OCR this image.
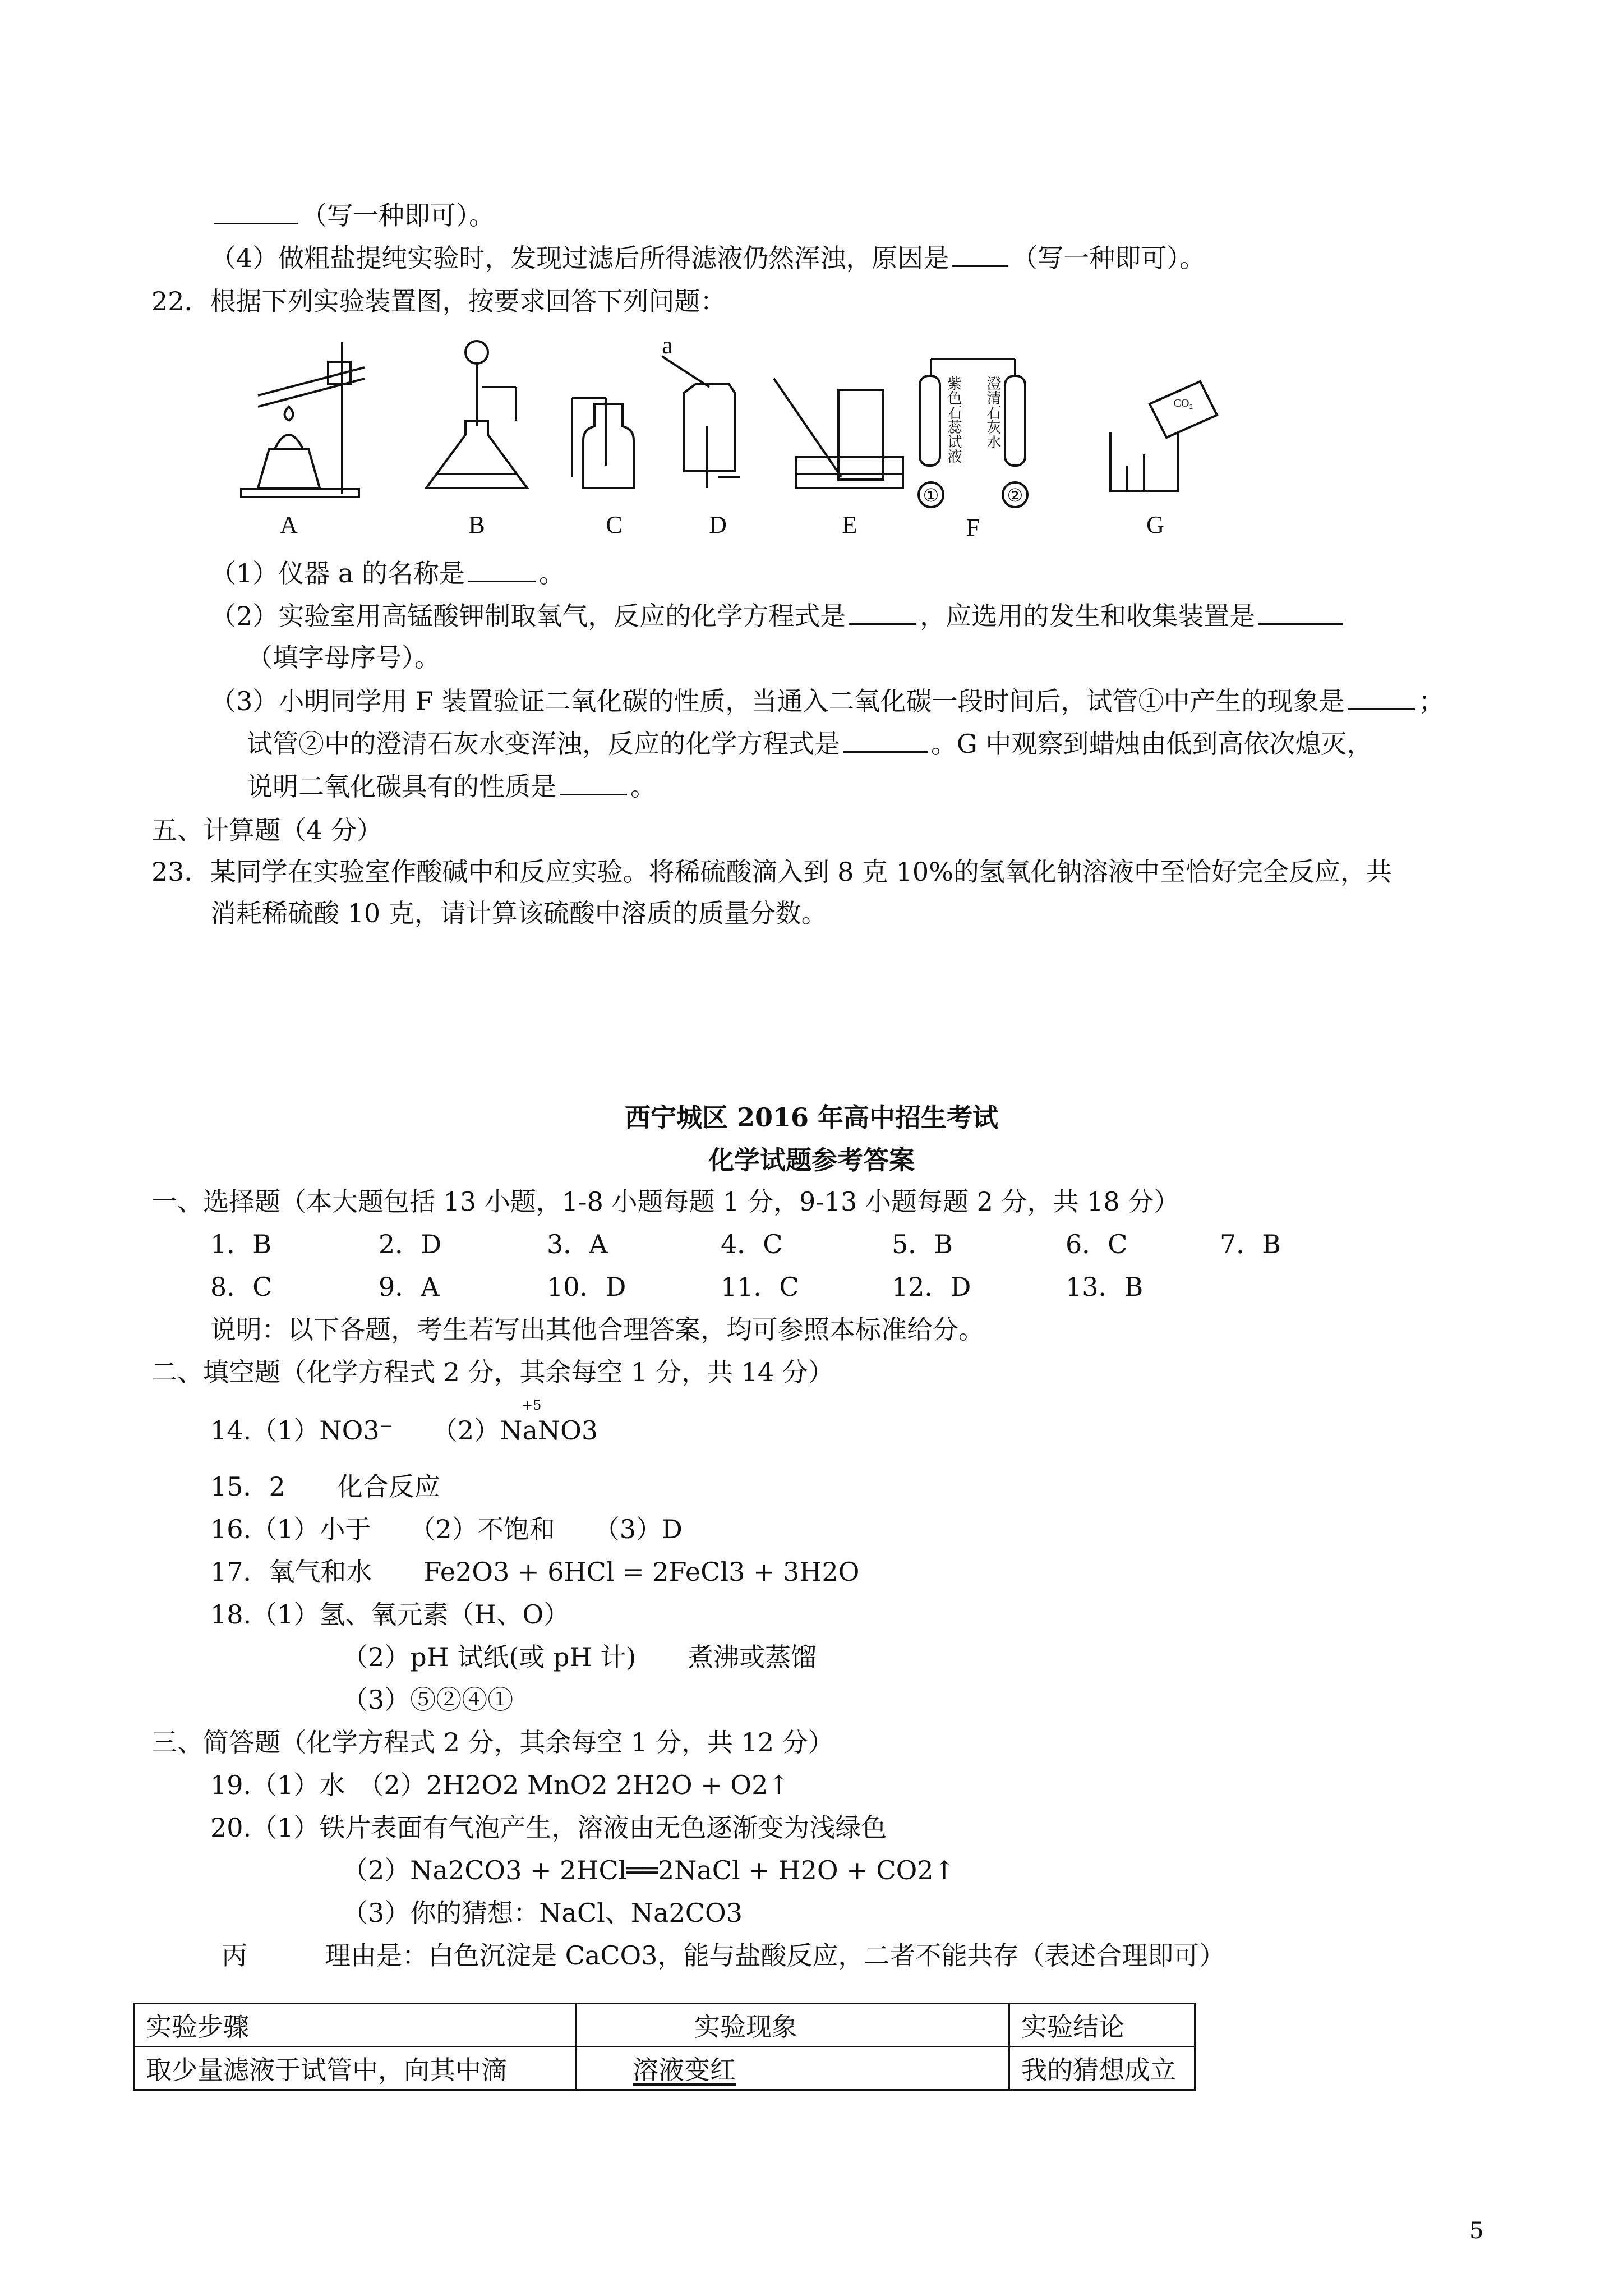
（写一种即可）。
（4）做粗盐提纯实验时，发现过滤后所得滤液仍然浑浊，原因是 （写一种即可）。
22．根据下列实验装置图，按要求回答下列问题：
A	B	C	D	E	F	G
a
①	②
CO₂
紫色石蕊试液 澄清石灰水
（1）仪器 a 的名称是	。
（2）实验室用高锰酸钾制取氧气，反应的化学方程式是	，应选用的发生和收集装置是
（填字母序号）。
（3）小明同学用 F 装置验证二氧化碳的性质，当通入二氧化碳一段时间后，试管①中产生的现象是	；
试管②中的澄清石灰水变浑浊，反应的化学方程式是	。G 中观察到蜡烛由低到高依次熄灭，
说明二氧化碳具有的性质是	。
五、计算题（4 分）
23．某同学在实验室作酸碱中和反应实验。将稀硫酸滴入到 8 克 10%的氢氧化钠溶液中至恰好完全反应，共
消耗稀硫酸 10 克，请计算该硫酸中溶质的质量分数。
西宁城区 2016 年高中招生考试
化学试题参考答案
一、选择题（本大题包括 13 小题，1-8 小题每题 1 分，9-13 小题每题 2 分，共 18 分）
1．B	2．D	3．A	4．C	5．B	6．C	7．B
8．C	9．A	10．D	11．C	12．D	13．B
说明：以下各题，考生若写出其他合理答案，均可参照本标准给分。
二、填空题（化学方程式 2 分，其余每空 1 分，共 14 分）
+5
14.（1）NO3⁻　　（2）NaNO3
15．2　　化合反应
16.（1）小于　　（2）不饱和　　（3）D
17．氧气和水　　Fe2O3 + 6HCl = 2FeCl3 + 3H2O
18.（1）氢、氧元素（H、O）
（2）pH 试纸(或 pH 计)　　煮沸或蒸馏
（3）⑤②④①
三、简答题（化学方程式 2 分，其余每空 1 分，共 12 分）
19.（1）水　（2）2H2O2 MnO2 2H2O + O2↑
20.（1）铁片表面有气泡产生，溶液由无色逐渐变为浅绿色
（2）Na2CO3 + 2HCl══2NaCl + H2O + CO2↑
（3）你的猜想：NaCl、Na2CO3
丙　　　理由是：白色沉淀是 CaCO3，能与盐酸反应，二者不能共存（表述合理即可）
实验步骤	实验现象	实验结论
取少量滤液于试管中，向其中滴	溶液变红	我的猜想成立
5
